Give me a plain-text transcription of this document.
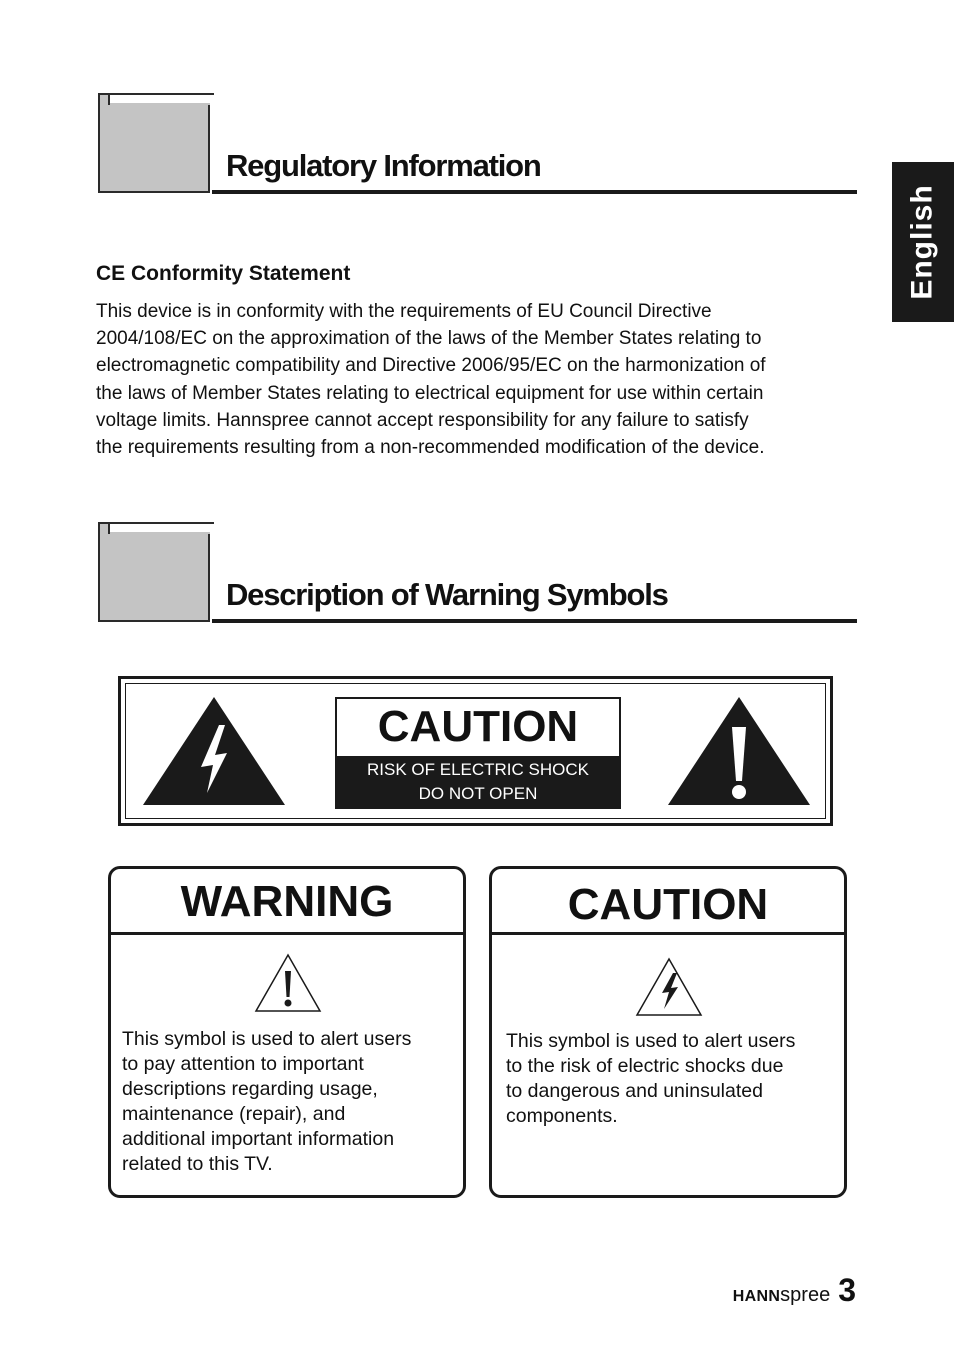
English
Regulatory Information
CE Conformity Statement
This device is in conformity with the requirements of EU Council Directive
2004/108/EC on the approximation of the laws of the Member States relating to
electromagnetic compatibility and Directive 2006/95/EC on the harmonization of
the laws of Member States relating to electrical equipment for use within certain
voltage limits. Hannspree cannot accept responsibility for any failure to satisfy
the requirements resulting from a non-recommended modification of the device.
Description of Warning Symbols
CAUTION
RISK OF ELECTRIC SHOCK
DO NOT OPEN
WARNING
This symbol is used to alert users
to pay attention to important
descriptions regarding usage,
maintenance (repair), and
additional important information
related to this TV.
CAUTION
This symbol is used to alert users
to the risk of electric shocks due
to dangerous and uninsulated
components.
HANN spree 3
